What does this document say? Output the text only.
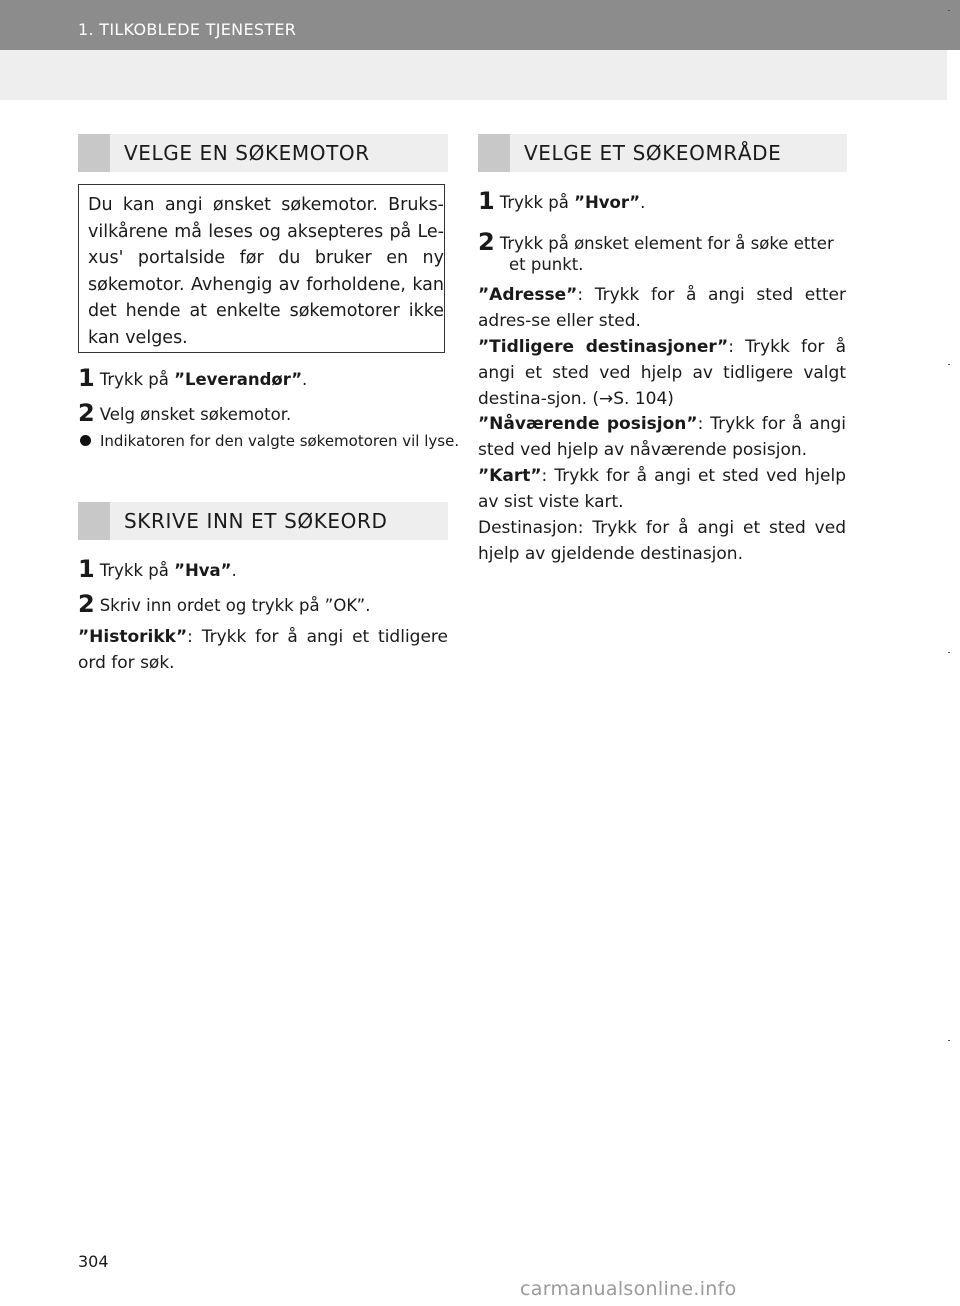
1. TILKOBLEDE TJENESTER
VELGE EN SØKEMOTOR
Du kan angi ønsket søkemotor. Bruks-vilkårene må leses og aksepteres på Le-xus' portalside før du bruker en ny søkemotor. Avhengig av forholdene, kan det hende at enkelte søkemotorer ikke kan velges.
1 Trykk på ”Leverandør”.
2 Velg ønsket søkemotor.
Indikatoren for den valgte søkemotoren vil lyse.
SKRIVE INN ET SØKEORD
1 Trykk på ”Hva”.
2 Skriv inn ordet og trykk på ”OK”.
”Historikk”: Trykk for å angi et tidligere ord for søk.
VELGE ET SØKEOMRÅDE
1 Trykk på ”Hvor”.
2 Trykk på ønsket element for å søke etter
et punkt.
”Adresse”: Trykk for å angi sted etter adres-se eller sted.
”Tidligere destinasjoner”: Trykk for å angi et sted ved hjelp av tidligere valgt destina-sjon. (→S. 104)
”Nåværende posisjon”: Trykk for å angi sted ved hjelp av nåværende posisjon.
”Kart”: Trykk for å angi et sted ved hjelp av sist viste kart.
Destinasjon: Trykk for å angi et sted ved hjelp av gjeldende destinasjon.
304
carmanualsonline.info
